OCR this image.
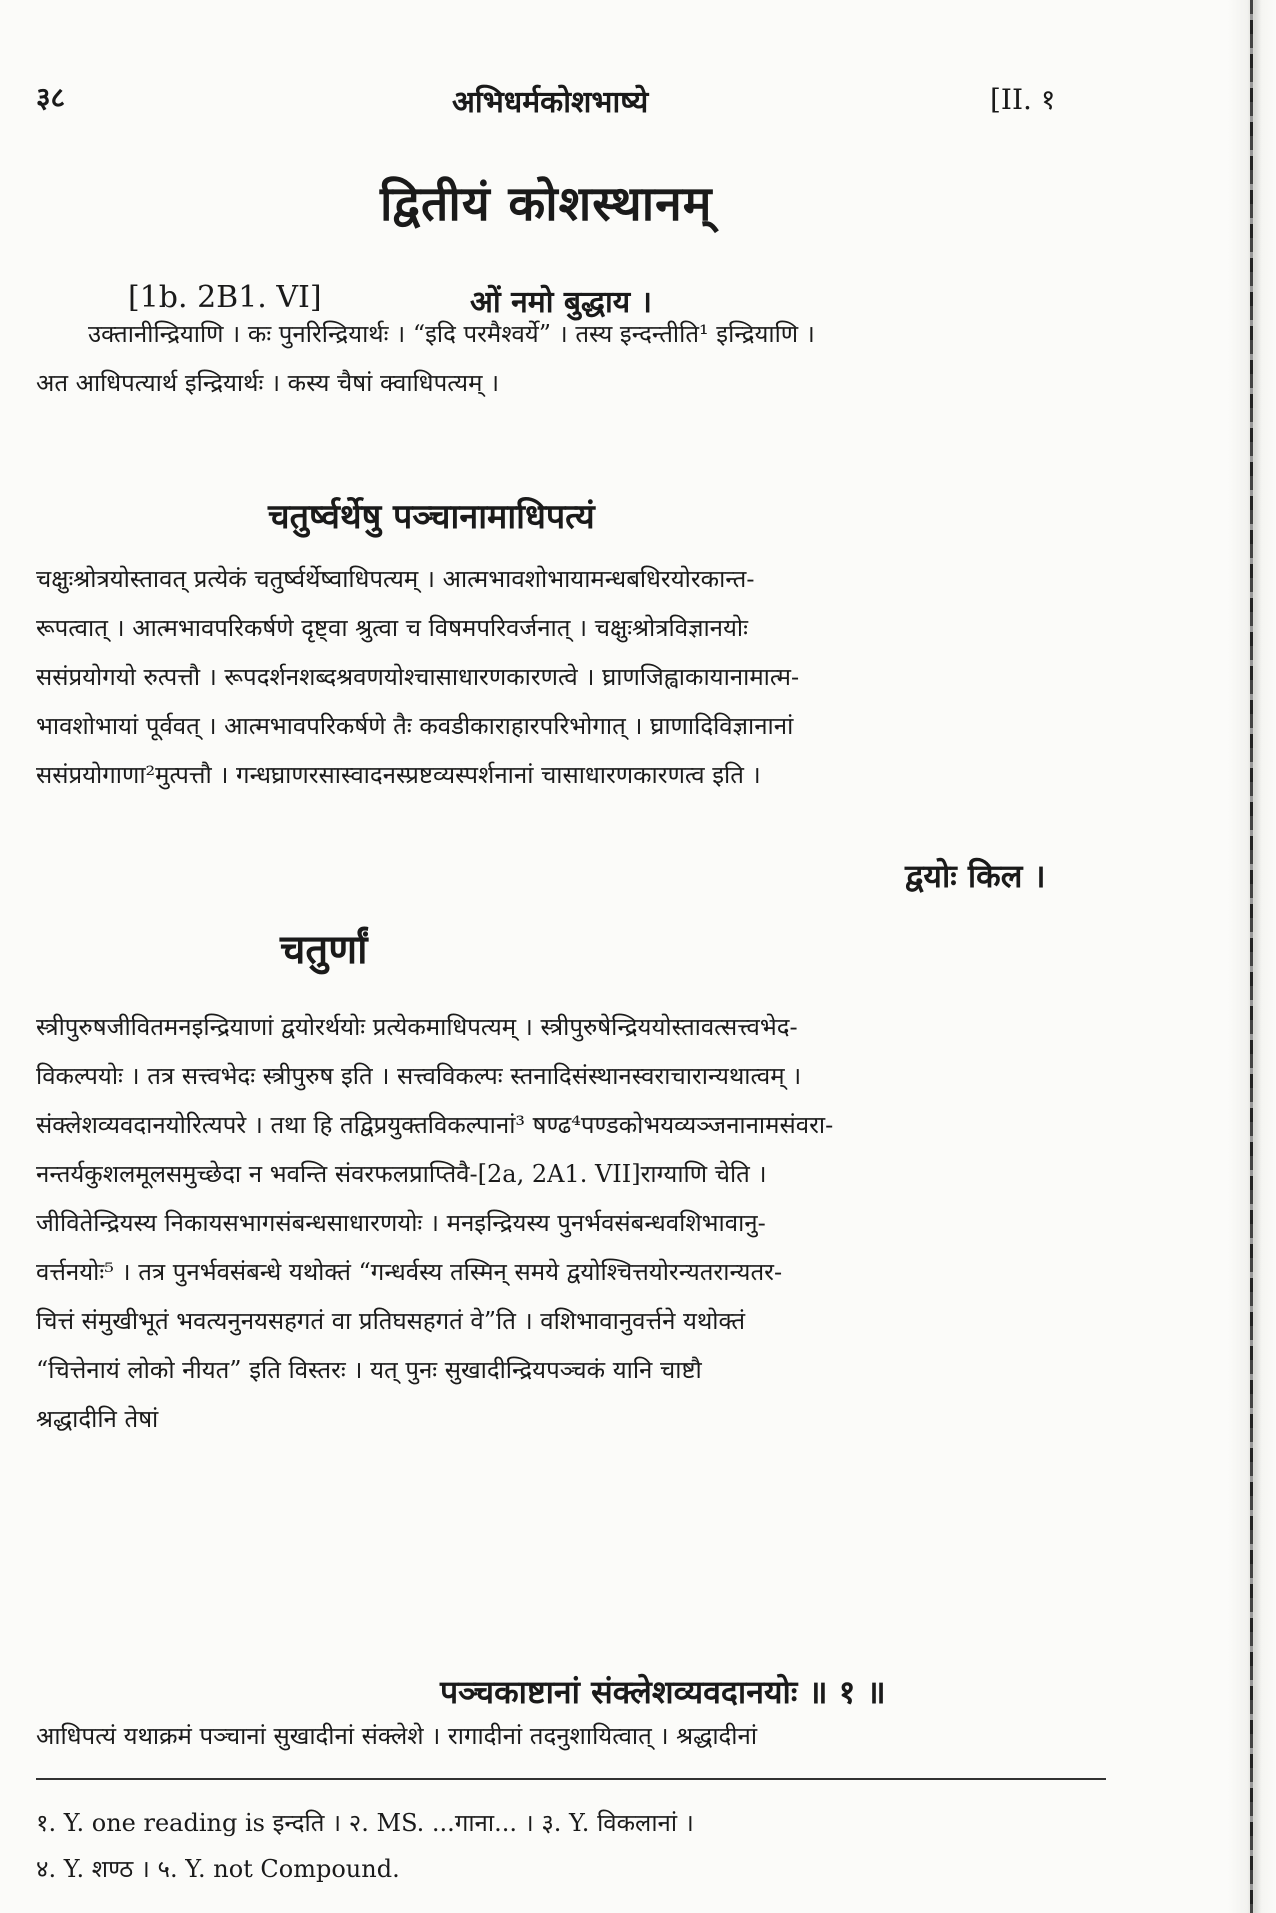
३८	अभिधर्मकोशभाष्ये	[II. १
द्वितीयं कोशस्थानम्
[1b. 2B1. VI]	ओं नमो बुद्धाय ।
उक्तानीन्द्रियाणि । कः पुनरिन्द्रियार्थः । “इदि परमैश्वर्ये” । तस्य इन्दन्तीति¹ इन्द्रियाणि ।
अत आधिपत्यार्थ इन्द्रियार्थः । कस्य चैषां क्वाधिपत्यम् ।
चतुर्ष्वर्थेषु पञ्चानामाधिपत्यं
चक्षुःश्रोत्रयोस्तावत् प्रत्येकं चतुर्ष्वर्थेष्वाधिपत्यम् । आत्मभावशोभायामन्धबधिरयोरकान्त-
रूपत्वात् । आत्मभावपरिकर्षणे दृष्ट्वा श्रुत्वा च विषमपरिवर्जनात् । चक्षुःश्रोत्रविज्ञानयोः
ससंप्रयोगयो रुत्पत्तौ । रूपदर्शनशब्दश्रवणयोश्चासाधारणकारणत्वे । घ्राणजिह्वाकायानामात्म-
भावशोभायां पूर्ववत् । आत्मभावपरिकर्षणे तैः कवडीकाराहारपरिभोगात् । घ्राणादिविज्ञानानां
ससंप्रयोगाणा²मुत्पत्तौ । गन्धघ्राणरसास्वादनस्प्रष्टव्यस्पर्शनानां चासाधारणकारणत्व इति ।
द्वयोः किल ।
चतुर्णां
स्त्रीपुरुषजीवितमनइन्द्रियाणां द्वयोरर्थयोः प्रत्येकमाधिपत्यम् । स्त्रीपुरुषेन्द्रिययोस्तावत्सत्त्वभेद-
विकल्पयोः । तत्र सत्त्वभेदः स्त्रीपुरुष इति । सत्त्वविकल्पः स्तनादिसंस्थानस्वराचारान्यथात्वम् ।
संक्लेशव्यवदानयोरित्यपरे । तथा हि तद्विप्रयुक्तविकल्पानां³ षण्ढ⁴पण्डकोभयव्यञ्जनानामसंवरा-
नन्तर्यकुशलमूलसमुच्छेदा न भवन्ति संवरफलप्राप्तिवै-[2a, 2A1. VII]राग्याणि चेति ।
जीवितेन्द्रियस्य निकायसभागसंबन्धसाधारणयोः । मनइन्द्रियस्य पुनर्भवसंबन्धवशिभावानु-
वर्त्तनयोः⁵ । तत्र पुनर्भवसंबन्धे यथोक्तं “गन्धर्वस्य तस्मिन् समये द्वयोश्चित्तयोरन्यतरान्यतर-
चित्तं संमुखीभूतं भवत्यनुनयसहगतं वा प्रतिघसहगतं वे”ति । वशिभावानुवर्त्तने यथोक्तं
“चित्तेनायं लोको नीयत” इति विस्तरः । यत् पुनः सुखादीन्द्रियपञ्चकं यानि चाष्टौ
श्रद्धादीनि तेषां
पञ्चकाष्टानां संक्लेशव्यवदानयोः ॥ १ ॥
आधिपत्यं यथाक्रमं पञ्चानां सुखादीनां संक्लेशे । रागादीनां तदनुशायित्वात् । श्रद्धादीनां
१. Y. one reading is इन्दति । २. MS. ...गाना... । ३. Y. विकलानां ।
४. Y. शण्ठ । ५. Y. not Compound.
